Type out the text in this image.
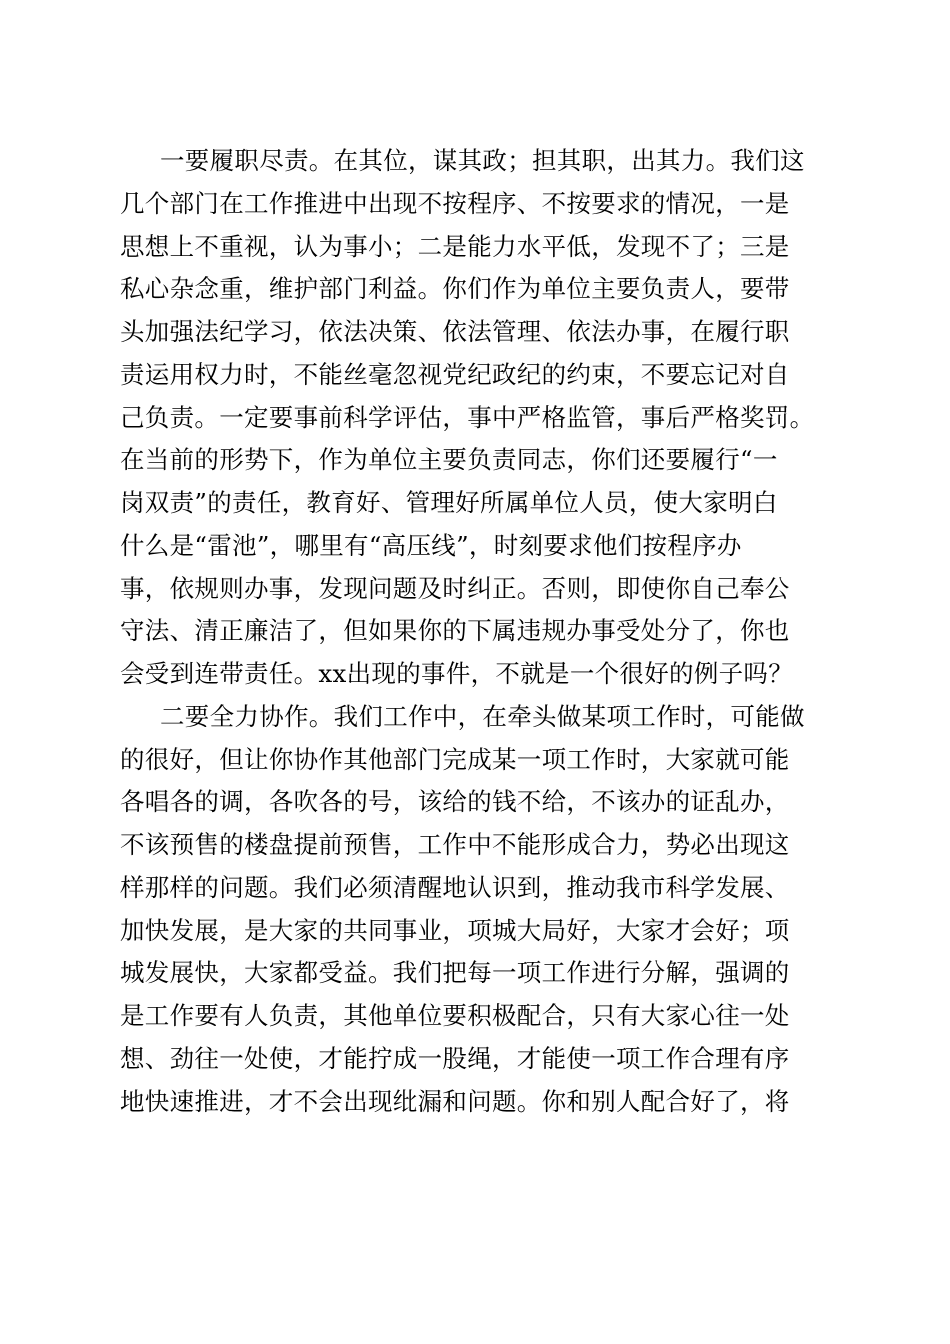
一要履职尽责。在其位，谋其政；担其职，出其力。我们这
几个部门在工作推进中出现不按程序、不按要求的情况，一是
思想上不重视，认为事小；二是能力水平低，发现不了；三是
私心杂念重，维护部门利益。你们作为单位主要负责人，要带
头加强法纪学习，依法决策、依法管理、依法办事，在履行职
责运用权力时，不能丝毫忽视党纪政纪的约束，不要忘记对自
己负责。一定要事前科学评估，事中严格监管，事后严格奖罚。
在当前的形势下，作为单位主要负责同志，你们还要履行“一
岗双责”的责任，教育好、管理好所属单位人员，使大家明白
什么是“雷池”，哪里有“高压线”，时刻要求他们按程序办
事，依规则办事，发现问题及时纠正。否则，即使你自己奉公
守法、清正廉洁了，但如果你的下属违规办事受处分了，你也
会受到连带责任。xx出现的事件，不就是一个很好的例子吗？
二要全力协作。我们工作中，在牵头做某项工作时，可能做
的很好，但让你协作其他部门完成某一项工作时，大家就可能
各唱各的调，各吹各的号，该给的钱不给，不该办的证乱办，
不该预售的楼盘提前预售，工作中不能形成合力，势必出现这
样那样的问题。我们必须清醒地认识到，推动我市科学发展、
加快发展，是大家的共同事业，项城大局好，大家才会好；项
城发展快，大家都受益。我们把每一项工作进行分解，强调的
是工作要有人负责，其他单位要积极配合，只有大家心往一处
想、劲往一处使，才能拧成一股绳，才能使一项工作合理有序
地快速推进，才不会出现纰漏和问题。你和别人配合好了，将
